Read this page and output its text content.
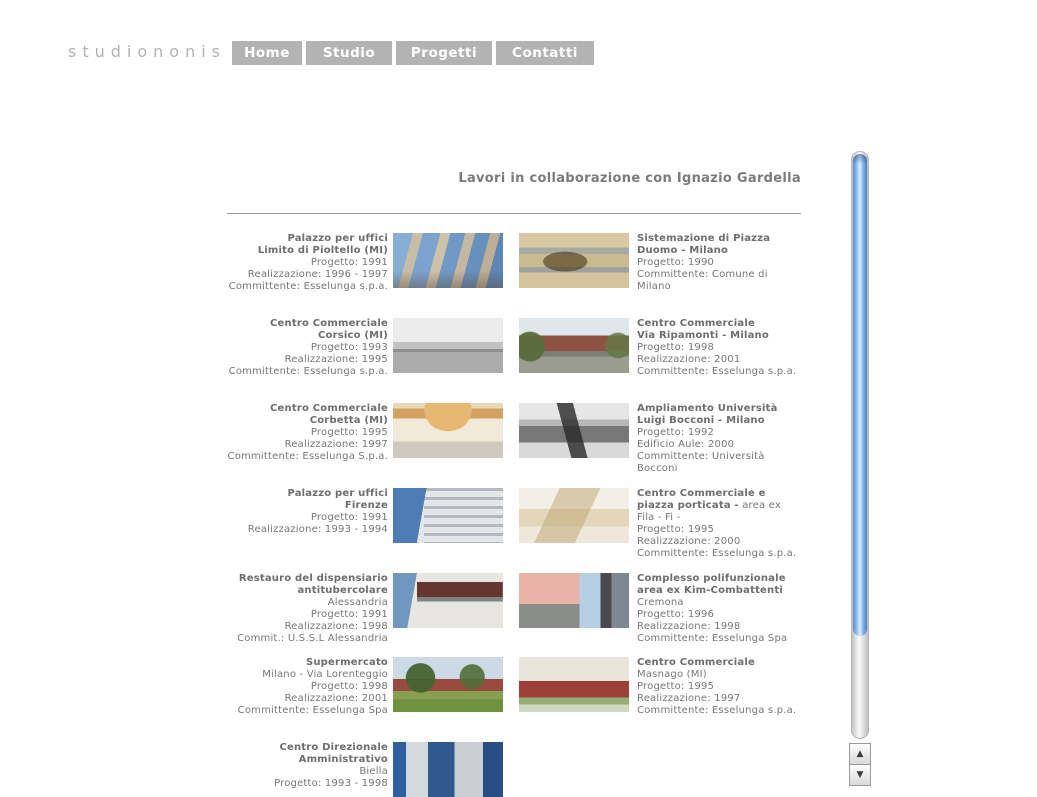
studiononis	Home	Studio	Progetti	Contatti
Lavori in collaborazione con Ignazio Gardella
Palazzo per uffici
Limito di Pioltello (MI)
Progetto: 1991
Realizzazione: 1996 - 1997
Committente: Esselunga s.p.a.
Sistemazione di Piazza
Duomo - Milano
Progetto: 1990
Committente: Comune di
Milano
Centro Commerciale
Corsico (MI)
Progetto: 1993
Realizzazione: 1995
Committente: Esselunga s.p.a.
Centro Commerciale
Via Ripamonti - Milano
Progetto: 1998
Realizzazione: 2001
Committente: Esselunga s.p.a.
Centro Commerciale
Corbetta (MI)
Progetto: 1995
Realizzazione: 1997
Committente: Esselunga S.p.a.
Ampliamento Università
Luigi Bocconi - Milano
Progetto: 1992
Edificio Aule: 2000
Committente: Università
Bocconi
Palazzo per uffici
Firenze
Progetto: 1991
Realizzazione: 1993 - 1994
Centro Commerciale e piazza porticata - area ex Fila - Fi -
Progetto: 1995
Realizzazione: 2000
Committente: Esselunga s.p.a.
Restauro del dispensiario
antitubercolare
Alessandria
Progetto: 1991
Realizzazione: 1998
Commit.: U.S.S.L Alessandria
Complesso polifunzionale
area ex Kim-Combattenti
Cremona
Progetto: 1996
Realizzazione: 1998
Committente: Esselunga Spa
Supermercato
Milano - Via Lorenteggio
Progetto: 1998
Realizzazione: 2001
Committente: Esselunga Spa
Centro Commerciale
Masnago (MI)
Progetto: 1995
Realizzazione: 1997
Committente: Esselunga s.p.a.
Centro Direzionale
Amministrativo
Biella
Progetto: 1993 - 1998
▲
▼
